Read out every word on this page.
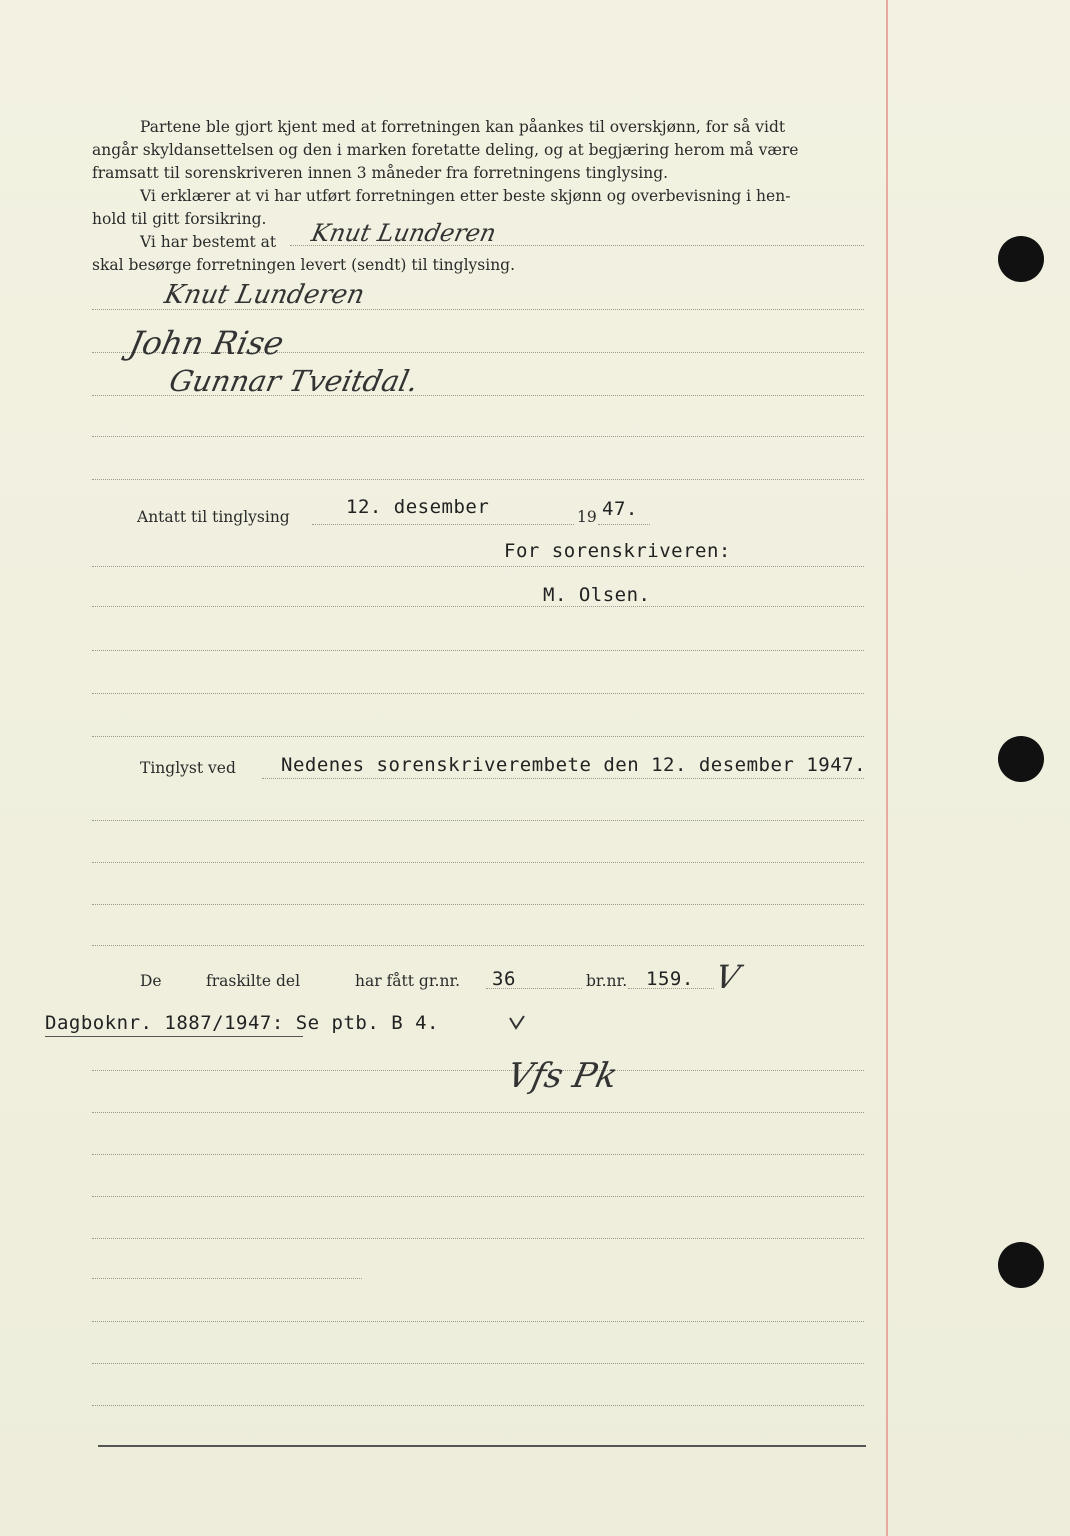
Partene ble gjort kjent med at forretningen kan påankes til overskjønn, for så vidt
angår skyldansettelsen og den i marken foretatte deling, og at begjæring herom må være
framsatt til sorenskriveren innen 3 måneder fra forretningens tinglysing.
Vi erklærer at vi har utført forretningen etter beste skjønn og overbevisning i hen-
hold til gitt forsikring.
Vi har bestemt at Knut Lunderen
skal besørge forretningen levert (sendt) til tinglysing.
Knut Lunderen
John Rise
Gunnar Tveitdal.
Antatt til tinglysing	12. desember	19 47.
For sorenskriveren:
M. Olsen.
Tinglyst ved Nedenes sorenskriverembete den 12. desember 1947.
De	fraskilte del	har fått gr.nr. 36	br.nr. 159. V
Dagboknr. 1887/1947: Se ptb. B 4.
Vfs Pk
